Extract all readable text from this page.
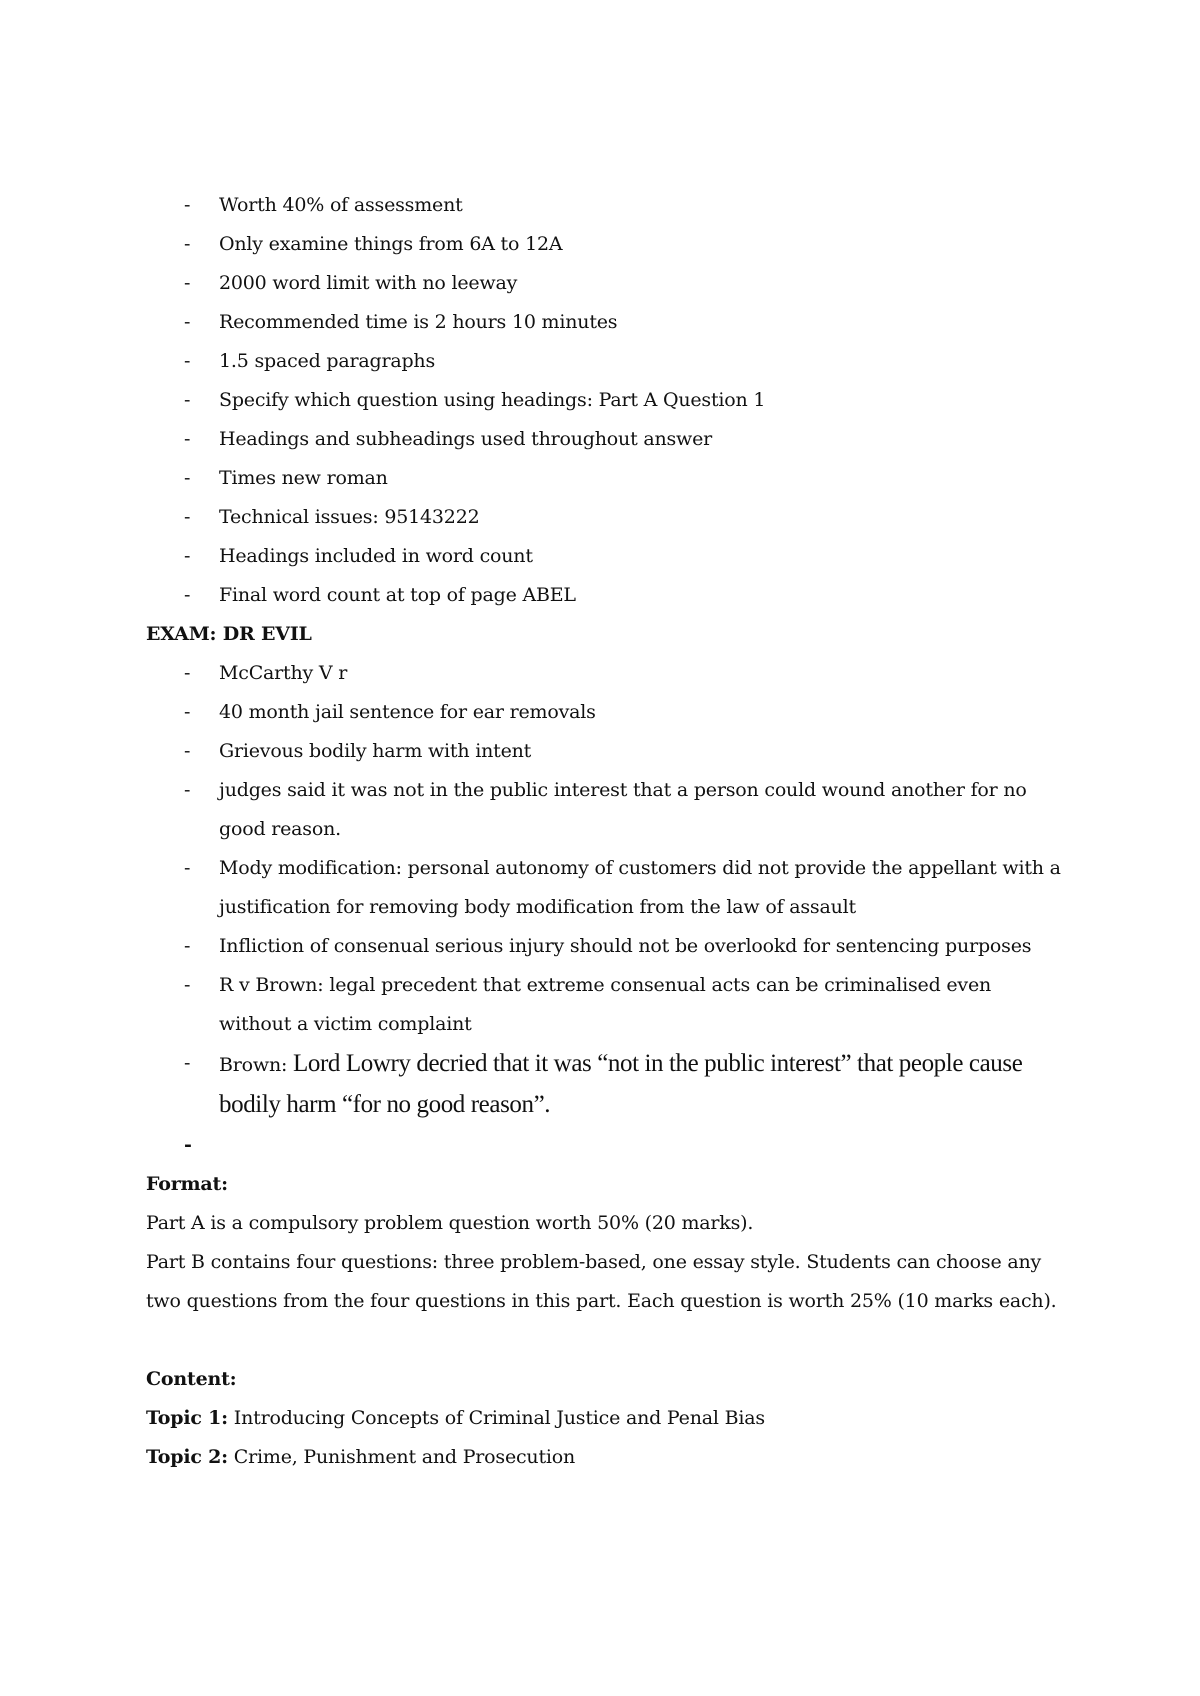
- Worth 40% of assessment
- Only examine things from 6A to 12A
- 2000 word limit with no leeway
- Recommended time is 2 hours 10 minutes
- 1.5 spaced paragraphs
- Specify which question using headings: Part A Question 1
- Headings and subheadings used throughout answer
- Times new roman
- Technical issues: 95143222
- Headings included in word count
- Final word count at top of page ABEL
EXAM: DR EVIL
- McCarthy V r
- 40 month jail sentence for ear removals
- Grievous bodily harm with intent
- judges said it was not in the public interest that a person could wound another for no good reason.
- Mody modification: personal autonomy of customers did not provide the appellant with a justification for removing body modification from the law of assault
- Infliction of consenual serious injury should not be overlookd for sentencing purposes
- R v Brown: legal precedent that extreme consenual acts can be criminalised even without a victim complaint
- Brown: Lord Lowry decried that it was “not in the public interest” that people cause bodily harm “for no good reason”.
-

Format:

Part A is a compulsory problem question worth 50% (20 marks).

Part B contains four questions: three problem-based, one essay style. Students can choose any two questions from the four questions in this part. Each question is worth 25% (10 marks each).

Content:

Topic 1: Introducing Concepts of Criminal Justice and Penal Bias

Topic 2: Crime, Punishment and Prosecution
